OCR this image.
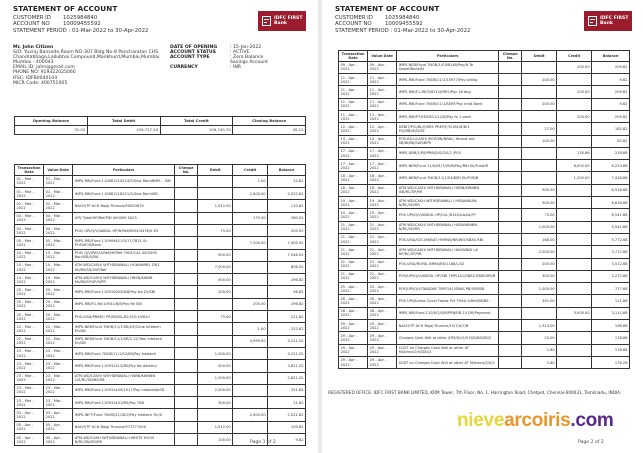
STATEMENT OF ACCOUNT
CUSTOMER ID	1025984840
ACCOUNT NO	10009455592
STATEMENT PERIOD
: 01-Mar-2022 to 30-Apr-2022
IDFC FIRST
Bank
Mr. John Citizen
S/O: Yuvraj Bansode,Room NO-307 Bldg No-8 Pancharatan CHS Chandrabhaga,Lallubhai Compound,Mankhurd,Mumbai,Mumbai Mumbai - 400043
EMAIL ID: john@gmail.com
PHONE NO: 919322025060
IFSC: IDFB0040104
MICR Code: 400751005
DATE OF OPENING	: 15-Jan-2022
ACCOUNT STATUS	: ACTIVE
ACCOUNT TYPE	: Zero Balance
Savings Account
CURRENCY	: INR
Opening Balance	Total Debit	Total Credit	Closing Balance
31.02	109,717.20	109,740.70	45.12
Transaction Date	Value Date	Particulars	Cheque No.	Debit	Credit	Balance
01 - Mar - 2022	01 - Mar - 2022	IMPS-RIB/Fund 110881214214/5/Siva Ram/BNPL - ISB			1.00	22.62
01 - Mar - 2022	01 - Mar - 2022	IMPS-RIB/Fund 110881218221/5/Siva Ram/ISB			2,000.00	2,022.62
02 - Mar - 2022	02 - Mar - 2022	NACH/TP ACH Bajaj Finance/90020679		1,912.00		110.62
04 - Mar - 2022	04 - Mar - 2022	UPI/ Total/HP/Ref/PID 000009 5025			170.30	280.92
04 - Mar - 2022	04 - Mar - 2022	POS/ UPI/Q/V/ABDUL HP/B/Ref/8054/4376/5 K5		75.00		205.92
05 - Mar - 2022	05 - Mar - 2022	IMPS-RIB/Fund 110909421/5/17/7821 Sr-PO5ISP/S/Bank			7,200.00	7,405.92
10 - Mar - 2022	10 - Mar - 2022	POS/ Q/V/PAY/U/Ref/HP/Ref 7905/1A1 06/2095 Bon/ISB/S/BIL		900.00		7,046.02
10 - Mar - 2022	10 - Mar - 2022	ATM-WD/CASH/ WITHDRAWAL/ HGNANRB1 DR1 Mr/BS/SD/2SP/Ref		7,000.00		806.02
14 - Mar - 2022	14 - Mar - 2022	ATM-WD/CASH/ WITHDRAWAL/ HBSN/KWNB Mr/BS/SP/SP/S/PR		500.00		296.82
20 - Mar - 2022	20 - Mar - 2022	IMPS-RIB/Fund 110910003/8/8/Pay No Dr/SBI		200.00		96.82
20 - Mar - 2022	20 - Mar - 2022	IMPS-RIB/F1-Re/10931/8/8/Pay Re SBI			200.00	296.82
20 - Mar - 2022	20 - Mar - 2022	POS-VISA/PRIME/ PR/SBI/SL/8119/119/810		75.00		221.82
22 - Mar - 2022	22 - Mar - 2022	IMPS-NEB/Fund 7NOB/11/1/SB/25/Chue Infotech Fin/SB			1.00	222.82
22 - Mar - 2022	22 - Mar - 2022	IMPS-NEB/Fund 7NOB/11/1/SB/2 22/Tam Infotech Fin/SB			4,999.00	5,221.02
23 - Mar - 2022	23 - Mar - 2022	IMPS-RIB/Fund 7NOB/11/1/S2/BS/Pay Infotech		1,000.00		4,221.02
23 - Mar - 2022	23 - Mar - 2022	IMPS-RIB/Fund 110931413/BS/Pay No dathery		500.00		3,821.02
23 - Mar - 2022	23 - Mar - 2022	ATM-WD/CASH/ WITHDRAWAL/ HSBN/KWNBN 1/S/RC/SD/BS/SB		1,000.00		2,821.02
23 - Mar - 2022	23 - Mar - 2022	IMPS-RIB/Fund 110931449/1017/Pay nalandatoSD		2,500.00		321.84
23 - Mar - 2022	23 - Mar - 2022	IMPS-RIB/Fund 110931431/RS/Pay TKB		300.00		21.82
03 - Apr - 2022	03 - Apr - 2022	IMPS-INFT/Fund 7NOB/21/18/2/Pay Infotech Fin/S			2,000.00	2,021.82
05 - Apr - 2022	05 - Apr - 2022	NACH/TP ACH Bajaj Finance/977277000		1,912.00		109.82
05 - Apr - 2022	05 - Apr - 2022	ATM-WD/CASH WITHDRAWAL/+WHITE HOUS N/RC/SN/SD/RR		100.00		9.82
Page 1 of 2
STATEMENT OF ACCOUNT
CUSTOMER ID	1025984840
ACCOUNT NO	10009455592
STATEMENT PERIOD
: 01-Mar-2022 to 30-Apr-2022
IDFC FIRST
Bank
Transaction Date	Value Date	Particulars	Cheque No.	Debit	Credit	Balance
09 - Apr - 2022	09 - Apr - 2022	IMPS-NEB/Fund 7NOB/1/F/88148/Pay/N Te Sweet/Bank/N			200.00	209.82
11 - Apr - 2022	11 - Apr - 2022	IMPS-RIB/Fund 7NOB/11/1/10977/Pay billing		200.00		9.82
11 - Apr - 2022	11 - Apr - 2022	IMPS-RIB/F1-RE/0/811/4/RES/Pay 18 bkg			200.00	209.82
11 - Apr - 2022	11 - Apr - 2022	IMPS-RIB/Fund 7NOB/11/1/SEEP/Pay Infot Bank		200.00		9.82
11 - Apr - 2022	11 - Apr - 2022	IMPS-RIB/PT-RES/811/12/B/Pay fo 1 pank			200.00	209.82
12 - Apr - 2022	12 - Apr - 2022	DEBIT/PCI/BL/0/SRS PREP/F/0/181/8/B/1 P/S/RBI/E/D/SE		27.00		182.82
14 - Apr - 2022	14 - Apr - 2022	POS-BILL/CASH/ IRCR/SB/NRAL/ Hband-ord SB/BI/BK/SAR/BPR		100.00		82.82
17 - Apr - 2022	17 - Apr - 2022	IMPS-DRB/1/P8/PRB/D/S/S/S/2 /P05			135.86	218.68
17 - Apr - 2022	17 - Apr - 2022	IMPS-NEB/Fund 11/0/81/7/09/B/Pay/RBI Sh/Fund/B			6,005.00	6,223.68
18 - Apr - 2022	18 - Apr - 2022	IMPS-NEB/Fund 7NOB/11/1/S3/8/BI Sh/PCB/B			1,200.00	7,416.68
18 - Apr - 2022	18 - Apr - 2022	ATM-WD/CASH/ WITHDRAWAL/ HSBN/KWNBN ISB/RC/SP/RR		900.00		6,516.68
19 - Apr - 2022	19 - Apr - 2022	ATM-WD/CASH WITHDRAWAL/ / HSBANKIAN N/RC/SD/RR		900.00		6,616.68
19 - Apr - 2022	19 - Apr - 2022	POS UPI/Q/V/ABDUL HP/ICA /8140/AAAA/P7		75.00		6,541.68
21 - Apr - 2022	21 - Apr - 2022	ATM-WD/CASH/ WITHDRAWAL/ HSBANKNBN N/RC/SD/RR		1,000.00		5,541.68
21 - Apr - 2022	21 - Apr - 2022	POS-VISA/ICICI/M/BAT HYMNS/NR/WO/SBAS RBI		168.00		5,772.68
21 - Apr - 2022	21 - Apr - 2022	ATM-WD/CASH/ WITHDRAWAL/ HAOWNDI LA NP/RC/SP/RR		2,000.00		3,772.68
21 - Apr - 2022	21 - Apr - 2022	POS-VISA/ROYAL BRRA/BS/1188/L/32		200.00		3,512.68
21 - Apr - 2022	21 - Apr - 2022	POS/UPI/Q/V/ABDUL HP/SBI TMP/1A1/SBAS RB/B/SRVB		300.00		3,272.68
25 - Apr - 2022	25 - Apr - 2022	POS/UPI/Q/V/TAB/DAY TMP/1A1/SBAS PB/SP/BSB		1,000.00		777.68
26 - Apr - 2022	26 - Apr - 2022	POS UPI/Aclass Circel Foods Pvt THAA S/Ref/SB/BS		391.00		111.68
28 - Apr - 2022	28 - Apr - 2022	IMPS-RIB/Fund 110/0/2/S/B/PRB/RB-15 DR/Payment			3,000.00	3,111.68
29 - Apr - 2022	29 - Apr - 2022	NACH/TP ACH Bajaj Finance/15/7/A/7/B		1,913.00		198.68
29 - Apr - 2022	29 - Apr - 2022	Charges Cash Wdl at other ATM/Dr/2/9 D/D/BS/SB/2		20.00		178.88
29 - Apr - 2022	29 - Apr - 2022	CGST on Charges Cash Wdl at other AT M/Amnz/2/0/D/D/2		1.80		178.88
29 - Apr - 2022	29 - Apr - 2022	SGST on Charges Cash Wdl at other AT M/Amnz/2/0/2		1.80		176.28
REGISTERED OFFICE: IDFC FIRST BANK LIMITED, KRM Tower, 7th Floor, No. 1, Harrington Road, Chetpet, Chennai-600031, Tamilnadu, INDIA.
nievearcoiris.com
Page 2 of 2
